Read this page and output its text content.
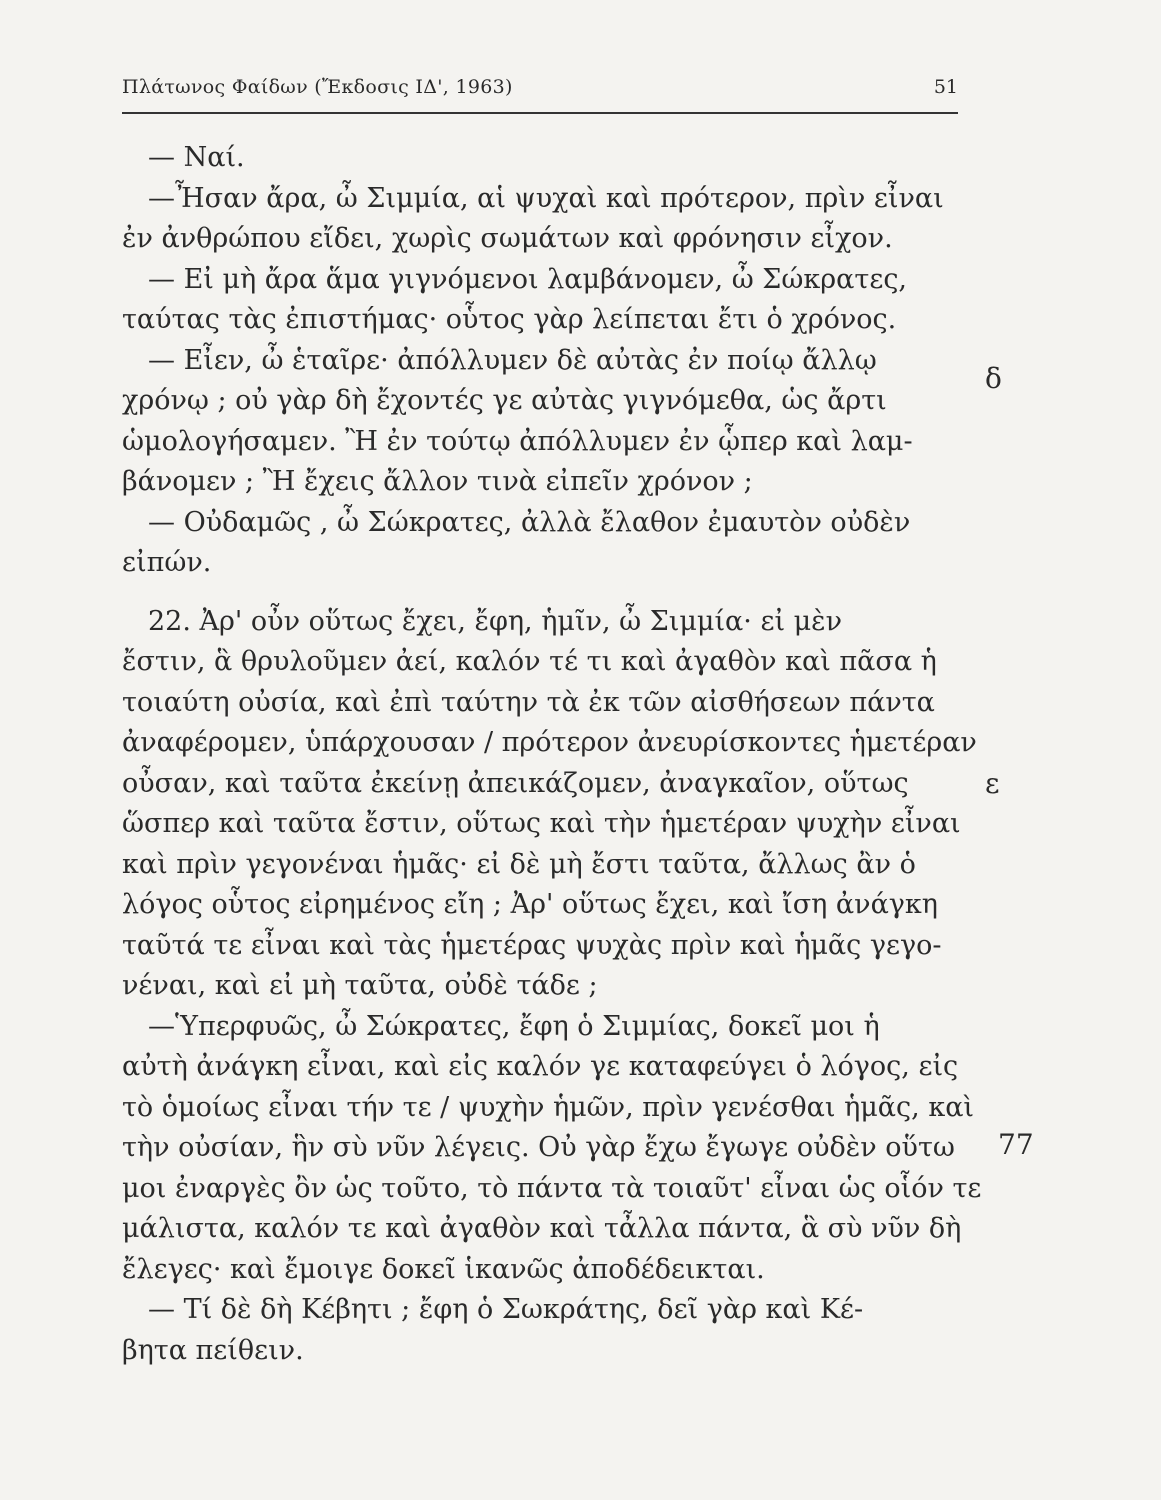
Πλάτωνος Φαίδων (Ἔκδοσις ΙΔ', 1963)	51
— Ναί.
—Ἦσαν ἄρα, ὦ Σιμμία, αἱ ψυχαὶ καὶ πρότερον, πρὶν εἶναι
ἐν ἀνθρώπου εἴδει, χωρὶς σωμάτων καὶ φρόνησιν εἶχον.
— Εἰ μὴ ἄρα ἅμα γιγνόμενοι λαμβάνομεν, ὦ Σώκρατες,
ταύτας τὰς ἐπιστήμας· οὗτος γὰρ λείπεται ἔτι ὁ χρόνος.
— Εἶεν, ὦ ἑταῖρε· ἀπόλλυμεν δὲ αὐτὰς ἐν ποίῳ ἄλλῳ
χρόνῳ ; οὐ γὰρ δὴ ἔχοντές γε αὐτὰς γιγνόμεθα, ὡς ἄρτι
ὡμολογήσαμεν. Ἢ ἐν τούτῳ ἀπόλλυμεν ἐν ᾧπερ καὶ λαμ-
βάνομεν ; Ἢ ἔχεις ἄλλον τινὰ εἰπεῖν χρόνον ;
— Οὐδαμῶς , ὦ Σώκρατες, ἀλλὰ ἔλαθον ἐμαυτὸν οὐδὲν
εἰπών.
22. Ἀρ' οὖν οὕτως ἔχει, ἔφη, ἡμῖν, ὦ Σιμμία· εἰ μὲν
ἔστιν, ἃ θρυλοῦμεν ἀεί, καλόν τέ τι καὶ ἀγαθὸν καὶ πᾶσα ἡ
τοιαύτη οὐσία, καὶ ἐπὶ ταύτην τὰ ἐκ τῶν αἰσθήσεων πάντα
ἀναφέρομεν, ὑπάρχουσαν / πρότερον ἀνευρίσκοντες ἡμετέραν
οὖσαν, καὶ ταῦτα ἐκείνῃ ἀπεικάζομεν, ἀναγκαῖον, οὕτως
ὥσπερ καὶ ταῦτα ἔστιν, οὕτως καὶ τὴν ἡμετέραν ψυχὴν εἶναι
καὶ πρὶν γεγονέναι ἡμᾶς· εἰ δὲ μὴ ἔστι ταῦτα, ἄλλως ἂν ὁ
λόγος οὗτος εἰρημένος εἴη ; Ἀρ' οὕτως ἔχει, καὶ ἴση ἀνάγκη
ταῦτά τε εἶναι καὶ τὰς ἡμετέρας ψυχὰς πρὶν καὶ ἡμᾶς γεγο-
νέναι, καὶ εἰ μὴ ταῦτα, οὐδὲ τάδε ;
—Ὑπερφυῶς, ὦ Σώκρατες, ἔφη ὁ Σιμμίας, δοκεῖ μοι ἡ
αὐτὴ ἀνάγκη εἶναι, καὶ εἰς καλόν γε καταφεύγει ὁ λόγος, εἰς
τὸ ὁμοίως εἶναι τήν τε / ψυχὴν ἡμῶν, πρὶν γενέσθαι ἡμᾶς, καὶ
τὴν οὐσίαν, ἣν σὺ νῦν λέγεις. Οὐ γὰρ ἔχω ἔγωγε οὐδὲν οὕτω
μοι ἐναργὲς ὂν ὡς τοῦτο, τὸ πάντα τὰ τοιαῦτ' εἶναι ὡς οἷόν τε
μάλιστα, καλόν τε καὶ ἀγαθὸν καὶ τἆλλα πάντα, ἃ σὺ νῦν δὴ
ἔλεγες· καὶ ἔμοιγε δοκεῖ ἱκανῶς ἀποδέδεικται.
— Τί δὲ δὴ Κέβητι ; ἔφη ὁ Σωκράτης, δεῖ γὰρ καὶ Κέ-
βητα πείθειν.
δ
ε
77
